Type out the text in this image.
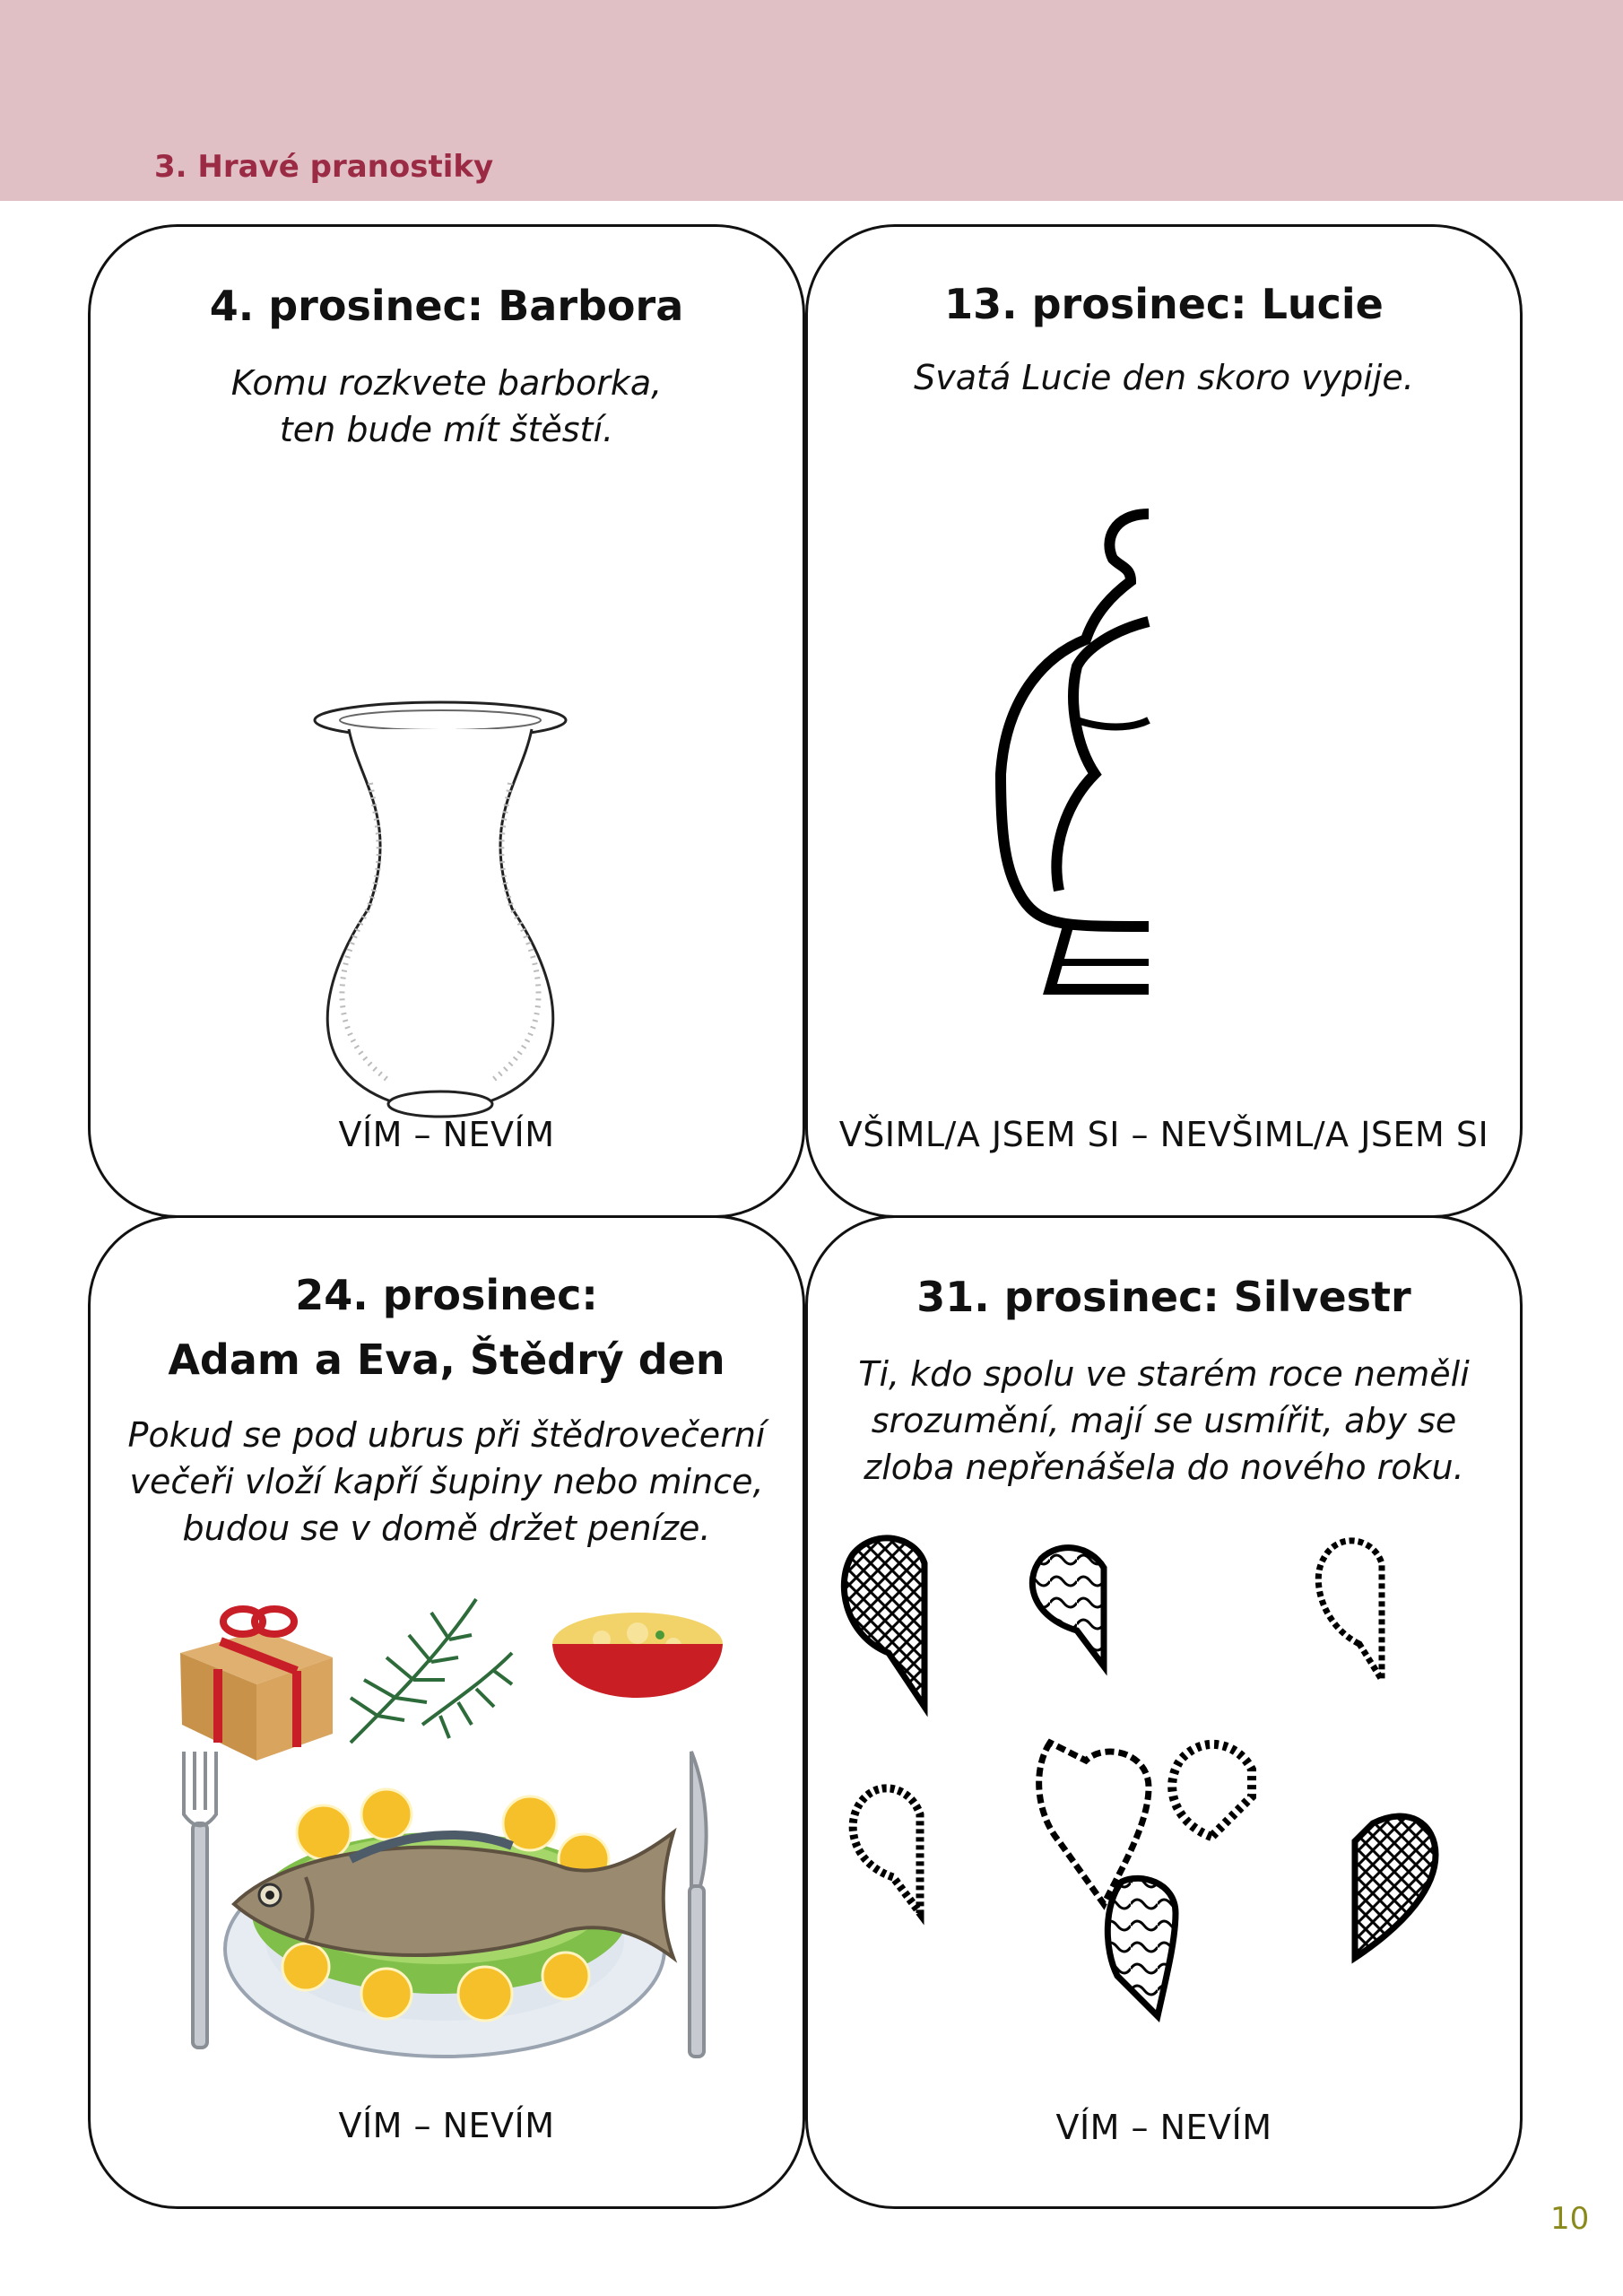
3. Hravé pranostiky
4. prosinec: Barbora
Komu rozkvete barborka,
ten bude mít štěstí.
VÍM – NEVÍM
13. prosinec: Lucie
Svatá Lucie den skoro vypije.
VŠIML/A JSEM SI – NEVŠIML/A JSEM SI
24. prosinec:
Adam a Eva, Štědrý den
Pokud se pod ubrus při štědrovečerní
večeři vloží kapří šupiny nebo mince,
budou se v domě držet peníze.
VÍM – NEVÍM
31. prosinec: Silvestr
Ti, kdo spolu ve starém roce neměli
srozumění, mají se usmířit, aby se
zloba nepřenášela do nového roku.
VÍM – NEVÍM
10
